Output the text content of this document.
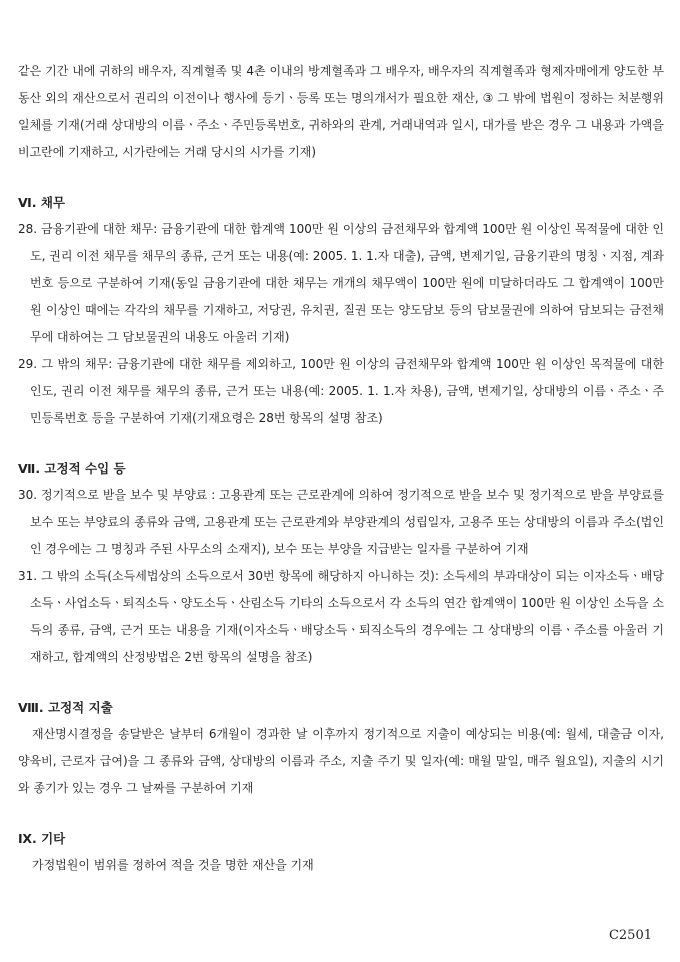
같은 기간 내에 귀하의 배우자, 직계혈족 및 4촌 이내의 방계혈족과 그 배우자, 배우자의 직계혈족과 형제자매에게 양도한 부동산 외의 재산으로서 권리의 이전이나 행사에 등기ㆍ등록 또는 명의개서가 필요한 재산, ③ 그 밖에 법원이 정하는 처분행위 일체를 기재(거래 상대방의 이름ㆍ주소ㆍ주민등록번호, 귀하와의 관계, 거래내역과 일시, 대가를 받은 경우 그 내용과 가액을 비고란에 기재하고, 시가란에는 거래 당시의 시가를 기재)

Ⅵ. 채무

28. 금융기관에 대한 채무: 금융기관에 대한 합계액 100만 원 이상의 금전채무와 합계액 100만 원 이상인 목적물에 대한 인도, 권리 이전 채무를 채무의 종류, 근거 또는 내용(예: 2005. 1. 1.자 대출), 금액, 변제기일, 금융기관의 명칭ㆍ지점, 계좌번호 등으로 구분하여 기재(동일 금융기관에 대한 채무는 개개의 채무액이 100만 원에 미달하더라도 그 합계액이 100만 원 이상인 때에는 각각의 채무를 기재하고, 저당권, 유치권, 질권 또는 양도담보 등의 담보물권에 의하여 담보되는 금전채무에 대하여는 그 담보물권의 내용도 아울러 기재)

29. 그 밖의 채무: 금융기관에 대한 채무를 제외하고, 100만 원 이상의 금전채무와 합계액 100만 원 이상인 목적물에 대한 인도, 권리 이전 채무를 채무의 종류, 근거 또는 내용(예: 2005. 1. 1.자 차용), 금액, 변제기일, 상대방의 이름ㆍ주소ㆍ주민등록번호 등을 구분하여 기재(기재요령은 28번 항목의 설명 참조)

Ⅶ. 고정적 수입 등

30. 정기적으로 받을 보수 및 부양료 : 고용관계 또는 근로관계에 의하여 정기적으로 받을 보수 및 정기적으로 받을 부양료를 보수 또는 부양료의 종류와 금액, 고용관계 또는 근로관계와 부양관계의 성립일자, 고용주 또는 상대방의 이름과 주소(법인인 경우에는 그 명칭과 주된 사무소의 소재지), 보수 또는 부양을 지급받는 일자를 구분하여 기재

31. 그 밖의 소득(소득세법상의 소득으로서 30번 항목에 해당하지 아니하는 것): 소득세의 부과대상이 되는 이자소득ㆍ배당소득ㆍ사업소득ㆍ퇴직소득ㆍ양도소득ㆍ산림소득 기타의 소득으로서 각 소득의 연간 합계액이 100만 원 이상인 소득을 소득의 종류, 금액, 근거 또는 내용을 기재(이자소득ㆍ배당소득ㆍ퇴직소득의 경우에는 그 상대방의 이름ㆍ주소를 아울러 기재하고, 합계액의 산정방법은 2번 항목의 설명을 참조)

Ⅷ. 고정적 지출

재산명시결정을 송달받은 날부터 6개월이 경과한 날 이후까지 정기적으로 지출이 예상되는 비용(예: 월세, 대출금 이자, 양육비, 근로자 급여)을 그 종류와 금액, 상대방의 이름과 주소, 지출 주기 및 일자(예: 매월 말일, 매주 월요일), 지출의 시기와 종기가 있는 경우 그 날짜를 구분하여 기재

Ⅸ. 기타

가정법원이 범위를 정하여 적을 것을 명한 재산을 기재

C2501
